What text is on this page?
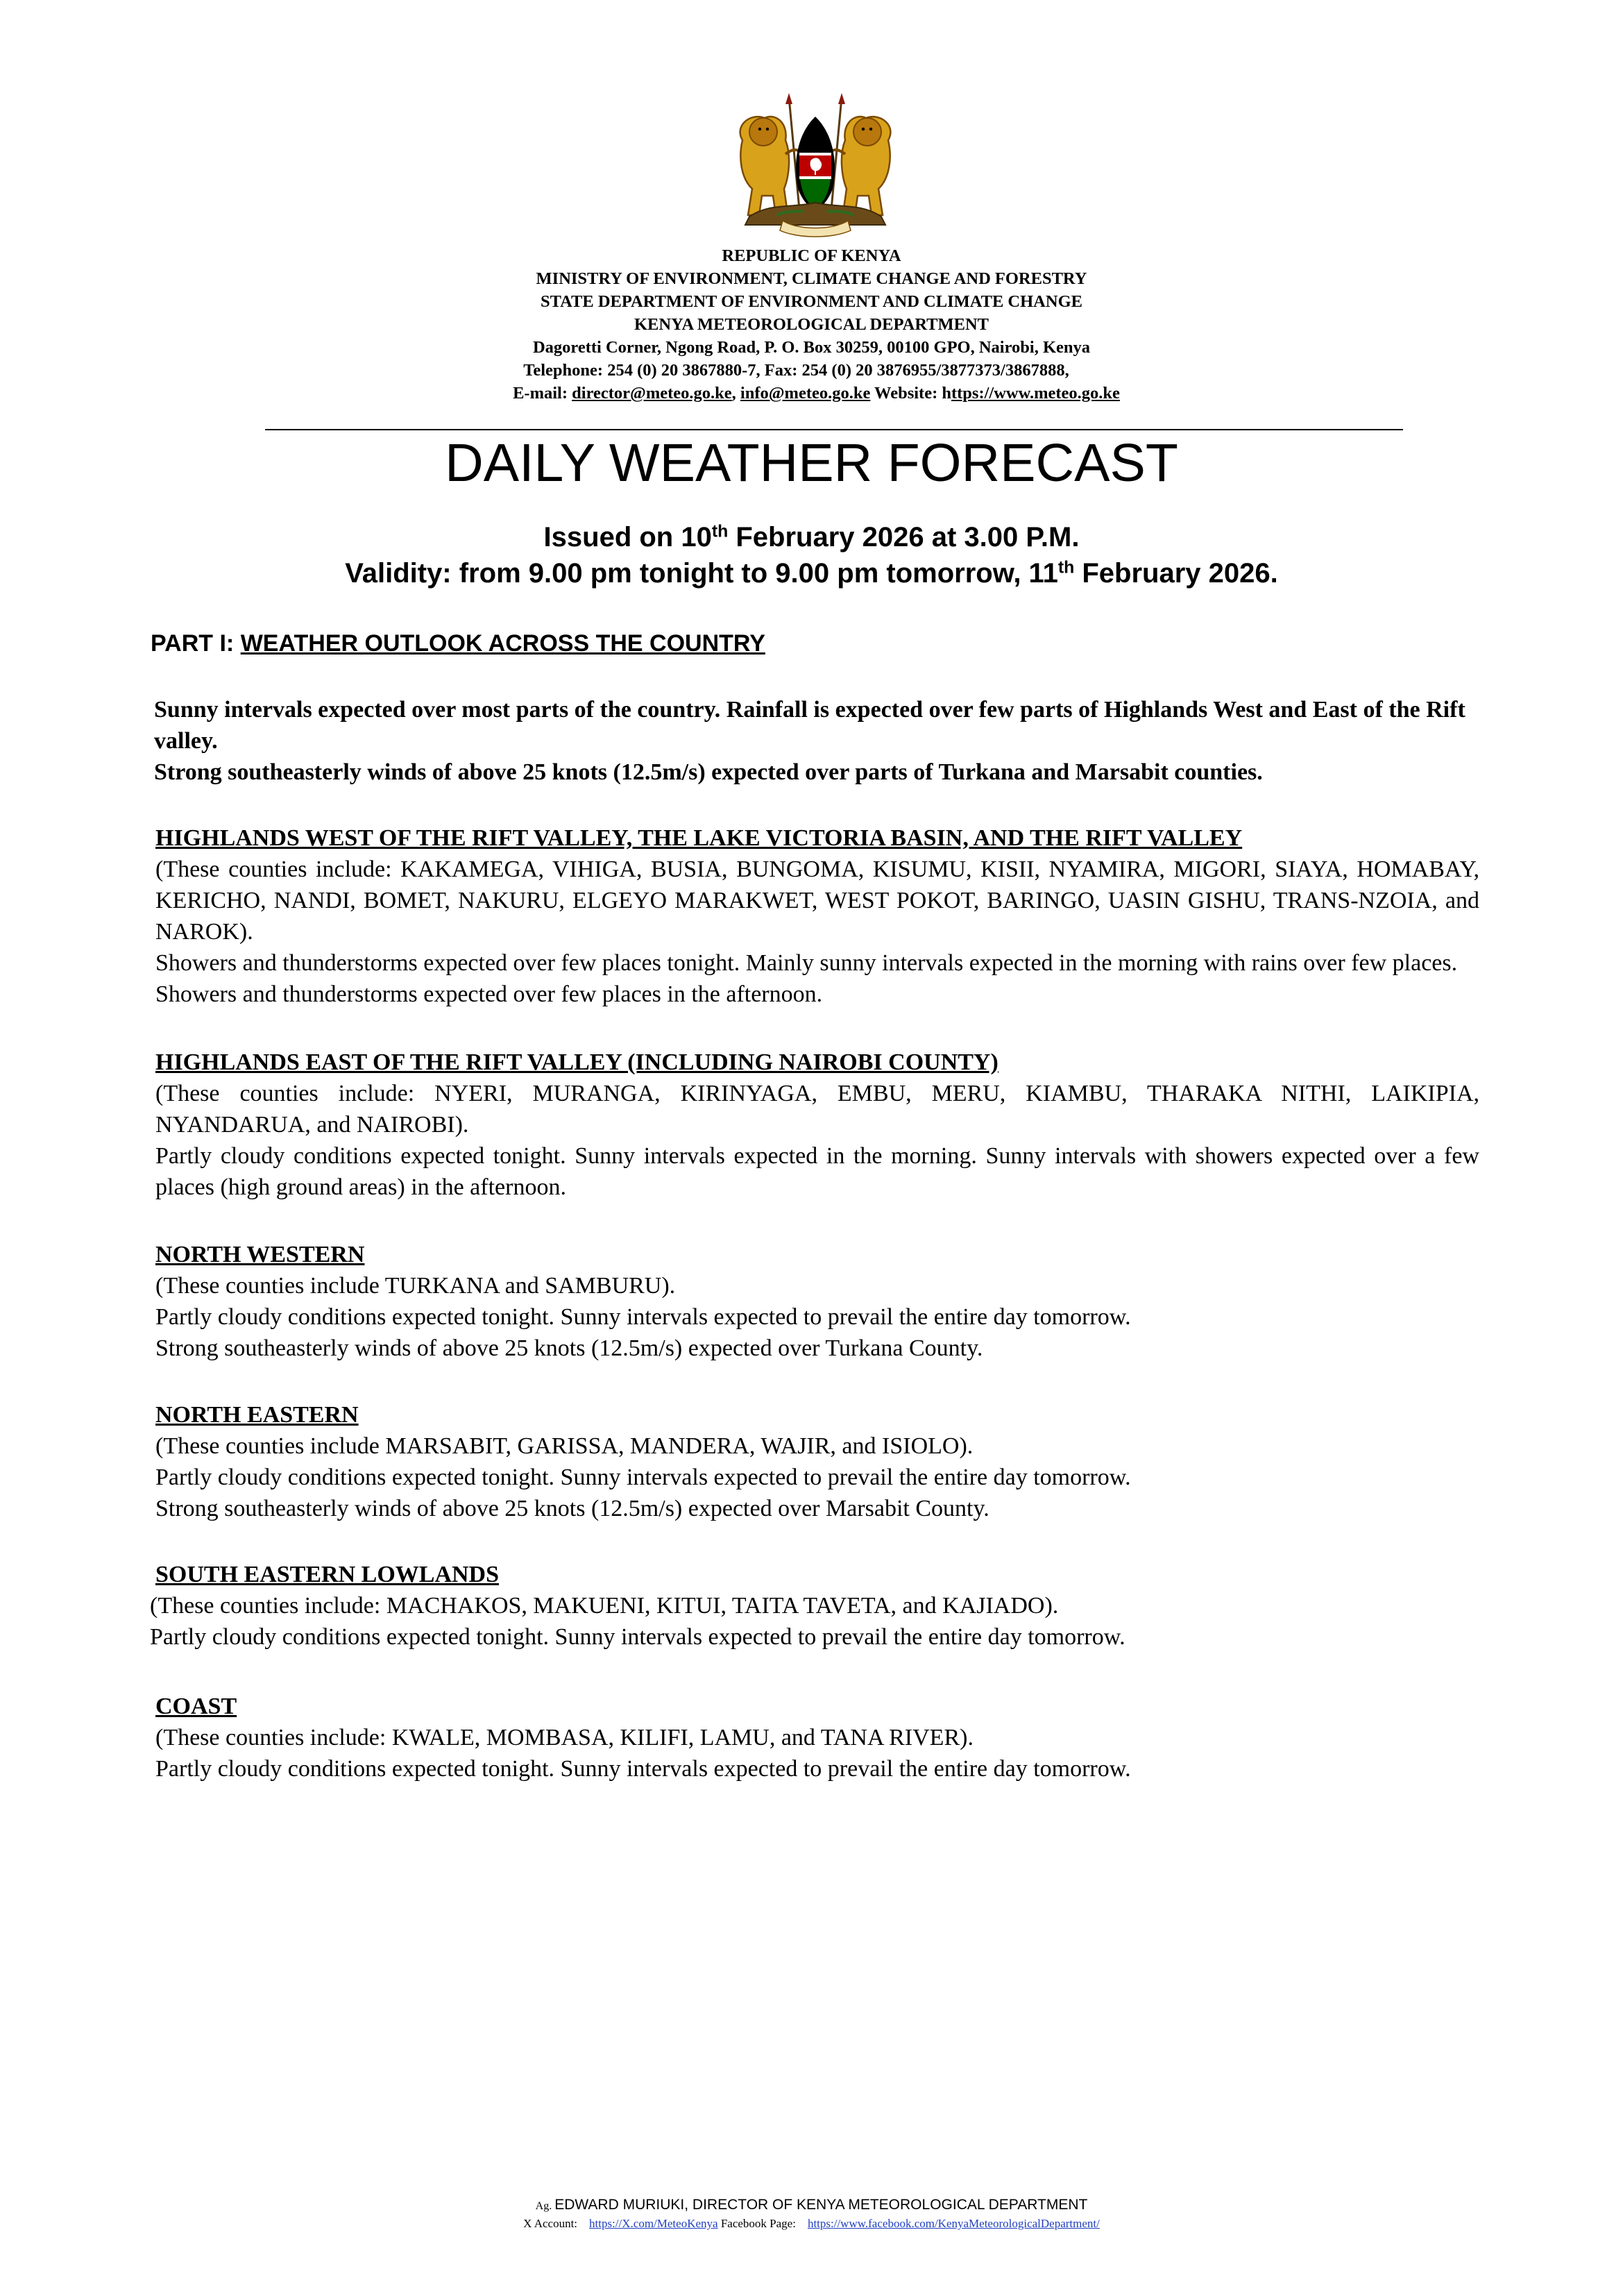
REPUBLIC OF KENYA
MINISTRY OF ENVIRONMENT, CLIMATE CHANGE AND FORESTRY
STATE DEPARTMENT OF ENVIRONMENT AND CLIMATE CHANGE
KENYA METEOROLOGICAL DEPARTMENT
Dagoretti Corner, Ngong Road, P. O. Box 30259, 00100 GPO, Nairobi, Kenya
Telephone: 254 (0) 20 3867880-7, Fax: 254 (0) 20 3876955/3877373/3867888,
E-mail: director@meteo.go.ke, info@meteo.go.ke Website: https://www.meteo.go.ke
DAILY WEATHER FORECAST
Issued on 10th February 2026 at 3.00 P.M.
Validity: from 9.00 pm tonight to 9.00 pm tomorrow, 11th February 2026.
PART I: WEATHER OUTLOOK ACROSS THE COUNTRY
Sunny intervals expected over most parts of the country. Rainfall is expected over few parts of Highlands West and East of the Rift valley.
Strong southeasterly winds of above 25 knots (12.5m/s) expected over parts of Turkana and Marsabit counties.
HIGHLANDS WEST OF THE RIFT VALLEY, THE LAKE VICTORIA BASIN, AND THE RIFT VALLEY
(These counties include: KAKAMEGA, VIHIGA, BUSIA, BUNGOMA, KISUMU, KISII, NYAMIRA, MIGORI, SIAYA, HOMABAY, KERICHO, NANDI, BOMET, NAKURU, ELGEYO MARAKWET, WEST POKOT, BARINGO, UASIN GISHU, TRANS-NZOIA, and NAROK).
Showers and thunderstorms expected over few places tonight. Mainly sunny intervals expected in the morning with rains over few places. Showers and thunderstorms expected over few places in the afternoon.
HIGHLANDS EAST OF THE RIFT VALLEY (INCLUDING NAIROBI COUNTY)
(These counties include: NYERI, MURANGA, KIRINYAGA, EMBU, MERU, KIAMBU, THARAKA NITHI, LAIKIPIA, NYANDARUA, and NAIROBI).
Partly cloudy conditions expected tonight. Sunny intervals expected in the morning. Sunny intervals with showers expected over a few places (high ground areas) in the afternoon.
NORTH WESTERN
(These counties include TURKANA and SAMBURU).
Partly cloudy conditions expected tonight. Sunny intervals expected to prevail the entire day tomorrow.
Strong southeasterly winds of above 25 knots (12.5m/s) expected over Turkana County.
NORTH EASTERN
(These counties include MARSABIT, GARISSA, MANDERA, WAJIR, and ISIOLO).
Partly cloudy conditions expected tonight. Sunny intervals expected to prevail the entire day tomorrow.
Strong southeasterly winds of above 25 knots (12.5m/s) expected over Marsabit County.
SOUTH EASTERN LOWLANDS
(These counties include: MACHAKOS, MAKUENI, KITUI, TAITA TAVETA, and KAJIADO).
Partly cloudy conditions expected tonight. Sunny intervals expected to prevail the entire day tomorrow.
COAST
(These counties include: KWALE, MOMBASA, KILIFI, LAMU, and TANA RIVER).
Partly cloudy conditions expected tonight. Sunny intervals expected to prevail the entire day tomorrow.
Ag. EDWARD MURIUKI, DIRECTOR OF KENYA METEOROLOGICAL DEPARTMENT
X Account: https://X.com/MeteoKenya Facebook Page: https://www.facebook.com/KenyaMeteorologicalDepartment/
